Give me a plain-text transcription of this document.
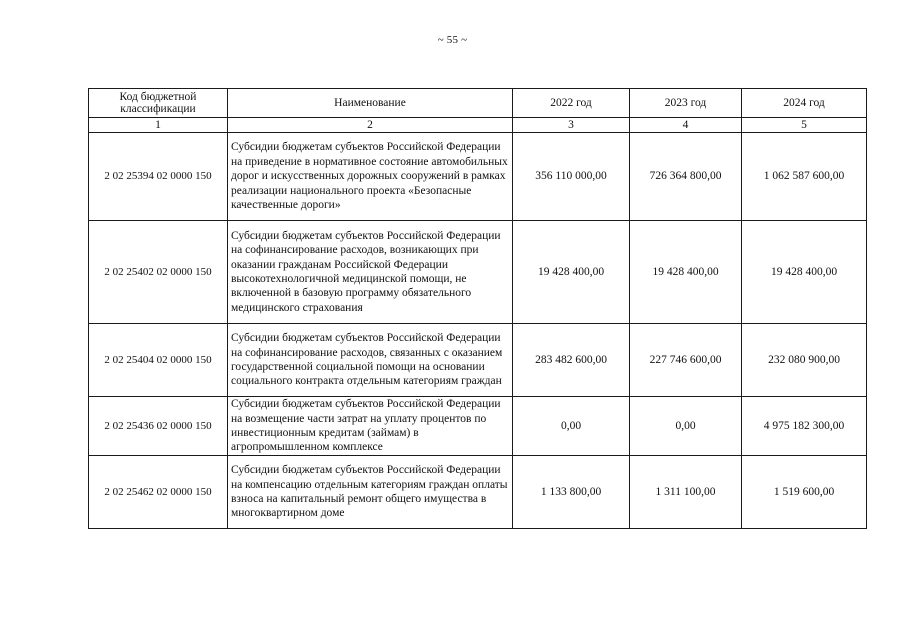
~ 55 ~
Код бюджетной классификации	Наименование	2022 год	2023 год	2024 год
1	2	3	4	5
2 02 25394 02 0000 150	Субсидии бюджетам субъектов Российской Федерации на приведение в нормативное состояние автомобильных дорог и искусственных дорожных сооружений в рамках реализации национального проекта «Безопасные качественные дороги»	356 110 000,00	726 364 800,00	1 062 587 600,00
2 02 25402 02 0000 150	Субсидии бюджетам субъектов Российской Федерации на софинансирование расходов, возникающих при оказании гражданам Российской Федерации высокотехнологичной медицинской помощи, не включенной в базовую программу обязательного медицинского страхования	19 428 400,00	19 428 400,00	19 428 400,00
2 02 25404 02 0000 150	Субсидии бюджетам субъектов Российской Федерации на софинансирование расходов, связанных с оказанием государственной социальной помощи на основании социального контракта отдельным категориям граждан	283 482 600,00	227 746 600,00	232 080 900,00
2 02 25436 02 0000 150	Субсидии бюджетам субъектов Российской Федерации на возмещение части затрат на уплату процентов по инвестиционным кредитам (займам) в агропромышленном комплексе	0,00	0,00	4 975 182 300,00
2 02 25462 02 0000 150	Субсидии бюджетам субъектов Российской Федерации на компенсацию отдельным категориям граждан оплаты взноса на капитальный ремонт общего имущества в многоквартирном доме	1 133 800,00	1 311 100,00	1 519 600,00
